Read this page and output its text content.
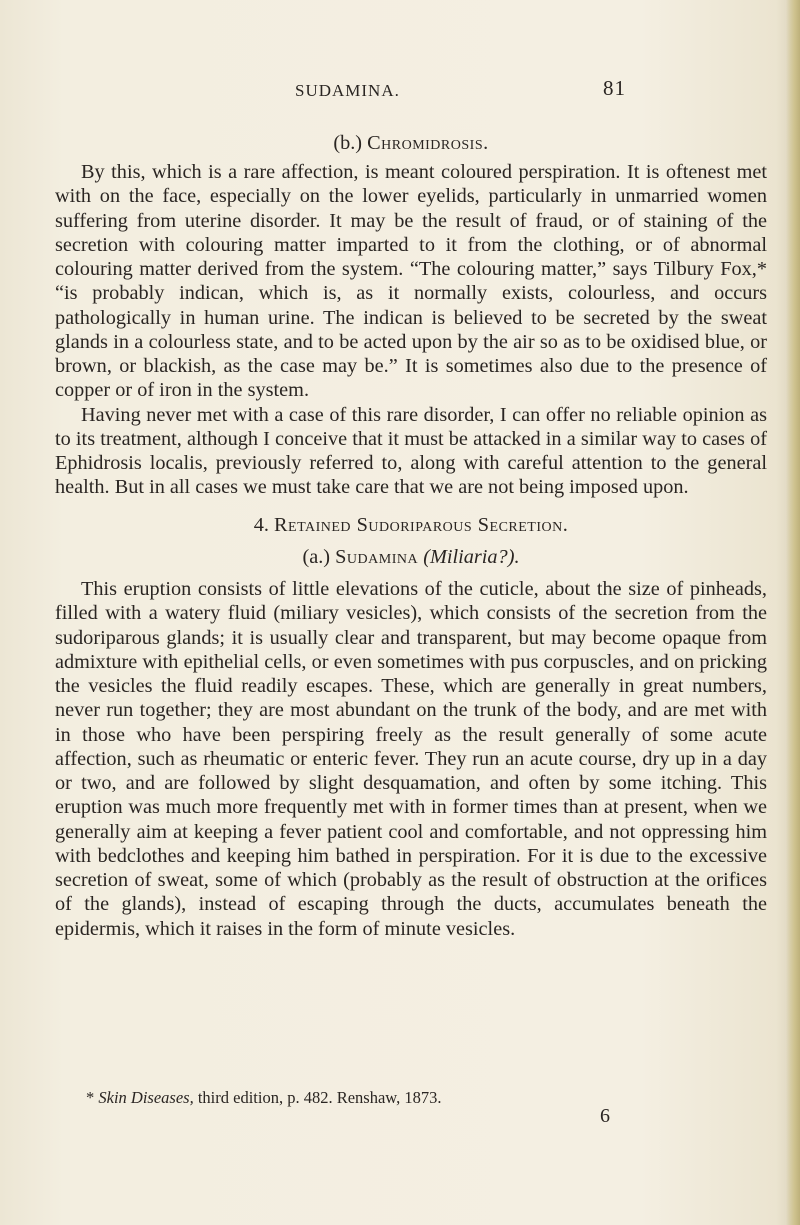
SUDAMINA.	81
(b.) Chromidrosis.

By this, which is a rare affection, is meant coloured perspiration. It is oftenest met with on the face, especially on the lower eyelids, particularly in unmarried women suffering from uterine disorder. It may be the result of fraud, or of staining of the secretion with colouring matter imparted to it from the clothing, or of abnormal colouring matter derived from the system. “The colouring matter,” says Tilbury Fox,* “is probably indican, which is, as it normally exists, colourless, and occurs pathologically in human urine. The indican is believed to be secreted by the sweat glands in a colourless state, and to be acted upon by the air so as to be oxidised blue, or brown, or blackish, as the case may be.” It is sometimes also due to the presence of copper or of iron in the system.

Having never met with a case of this rare disorder, I can offer no reliable opinion as to its treatment, although I conceive that it must be attacked in a similar way to cases of Ephidrosis localis, previously referred to, along with careful attention to the general health. But in all cases we must take care that we are not being imposed upon.

4. Retained Sudoriparous Secretion.
(a.) Sudamina (Miliaria?).

This eruption consists of little elevations of the cuticle, about the size of pinheads, filled with a watery fluid (miliary vesicles), which consists of the secretion from the sudoriparous glands; it is usually clear and transparent, but may become opaque from admixture with epithelial cells, or even sometimes with pus corpuscles, and on pricking the vesicles the fluid readily escapes. These, which are generally in great numbers, never run together; they are most abundant on the trunk of the body, and are met with in those who have been perspiring freely as the result generally of some acute affection, such as rheumatic or enteric fever. They run an acute course, dry up in a day or two, and are followed by slight desquamation, and often by some itching. This eruption was much more frequently met with in former times than at present, when we generally aim at keeping a fever patient cool and comfortable, and not oppressing him with bedclothes and keeping him bathed in perspiration. For it is due to the excessive secretion of sweat, some of which (probably as the result of obstruction at the orifices of the glands), instead of escaping through the ducts, accumulates beneath the epidermis, which it raises in the form of minute vesicles.

* Skin Diseases, third edition, p. 482. Renshaw, 1873.
6
